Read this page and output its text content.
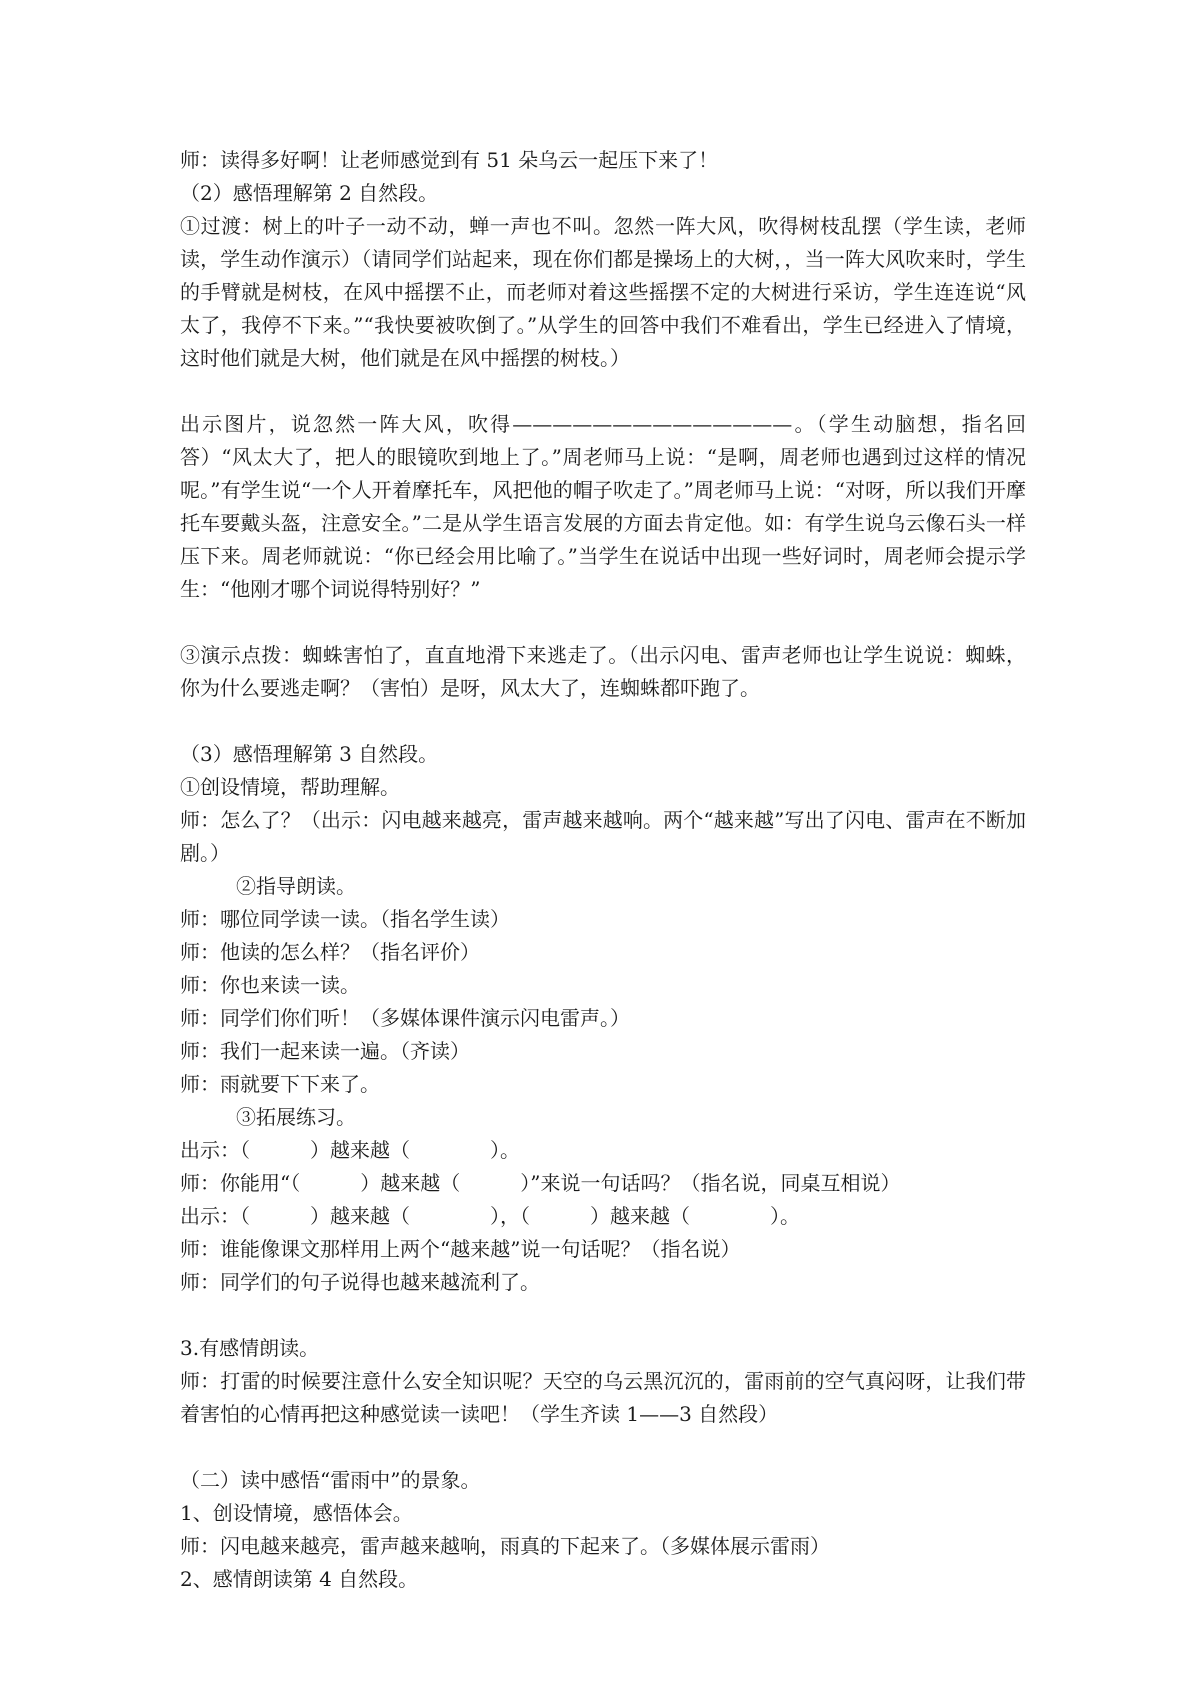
师：读得多好啊！让老师感觉到有 51 朵乌云一起压下来了！

（2）感悟理解第 2 自然段。

①过渡：树上的叶子一动不动，蝉一声也不叫。忽然一阵大风，吹得树枝乱摆（学生读，老师读，学生动作演示）（请同学们站起来，现在你们都是操场上的大树，，当一阵大风吹来时，学生的手臂就是树枝，在风中摇摆不止，而老师对着这些摇摆不定的大树进行采访，学生连连说“风太了，我停不下来。”“我快要被吹倒了。”从学生的回答中我们不难看出，学生已经进入了情境，这时他们就是大树，他们就是在风中摇摆的树枝。）

出示图片，说忽然一阵大风，吹得——————————————。（学生动脑想，指名回答）“风太大了，把人的眼镜吹到地上了。”周老师马上说：“是啊，周老师也遇到过这样的情况呢。”有学生说“一个人开着摩托车，风把他的帽子吹走了。”周老师马上说：“对呀，所以我们开摩托车要戴头盔，注意安全。”二是从学生语言发展的方面去肯定他。如：有学生说乌云像石头一样压下来。周老师就说：“你已经会用比喻了。”当学生在说话中出现一些好词时，周老师会提示学生：“他刚才哪个词说得特别好？”

③演示点拨：蜘蛛害怕了，直直地滑下来逃走了。（出示闪电、雷声老师也让学生说说：蜘蛛，你为什么要逃走啊？（害怕）是呀，风太大了，连蜘蛛都吓跑了。

（3）感悟理解第 3 自然段。

①创设情境，帮助理解。

师：怎么了？（出示：闪电越来越亮，雷声越来越响。两个“越来越”写出了闪电、雷声在不断加剧。）

②指导朗读。

师：哪位同学读一读。（指名学生读）

师：他读的怎么样？（指名评价）

师：你也来读一读。

师：同学们你们听！（多媒体课件演示闪电雷声。）

师：我们一起来读一遍。（齐读）

师：雨就要下下来了。

③拓展练习。

出示：（　　　）越来越（　　　　）。

师：你能用“（　　　）越来越（　　　）”来说一句话吗？（指名说，同桌互相说）

出示：（　　　）越来越（　　　　），（　　　）越来越（　　　　）。

师：谁能像课文那样用上两个“越来越”说一句话呢？（指名说）

师：同学们的句子说得也越来越流利了。

3.有感情朗读。

师：打雷的时候要注意什么安全知识呢？天空的乌云黑沉沉的，雷雨前的空气真闷呀，让我们带着害怕的心情再把这种感觉读一读吧！（学生齐读 1——3 自然段）

（二）读中感悟“雷雨中”的景象。

1、创设情境，感悟体会。

师：闪电越来越亮，雷声越来越响，雨真的下起来了。（多媒体展示雷雨）

2、感情朗读第 4 自然段。
